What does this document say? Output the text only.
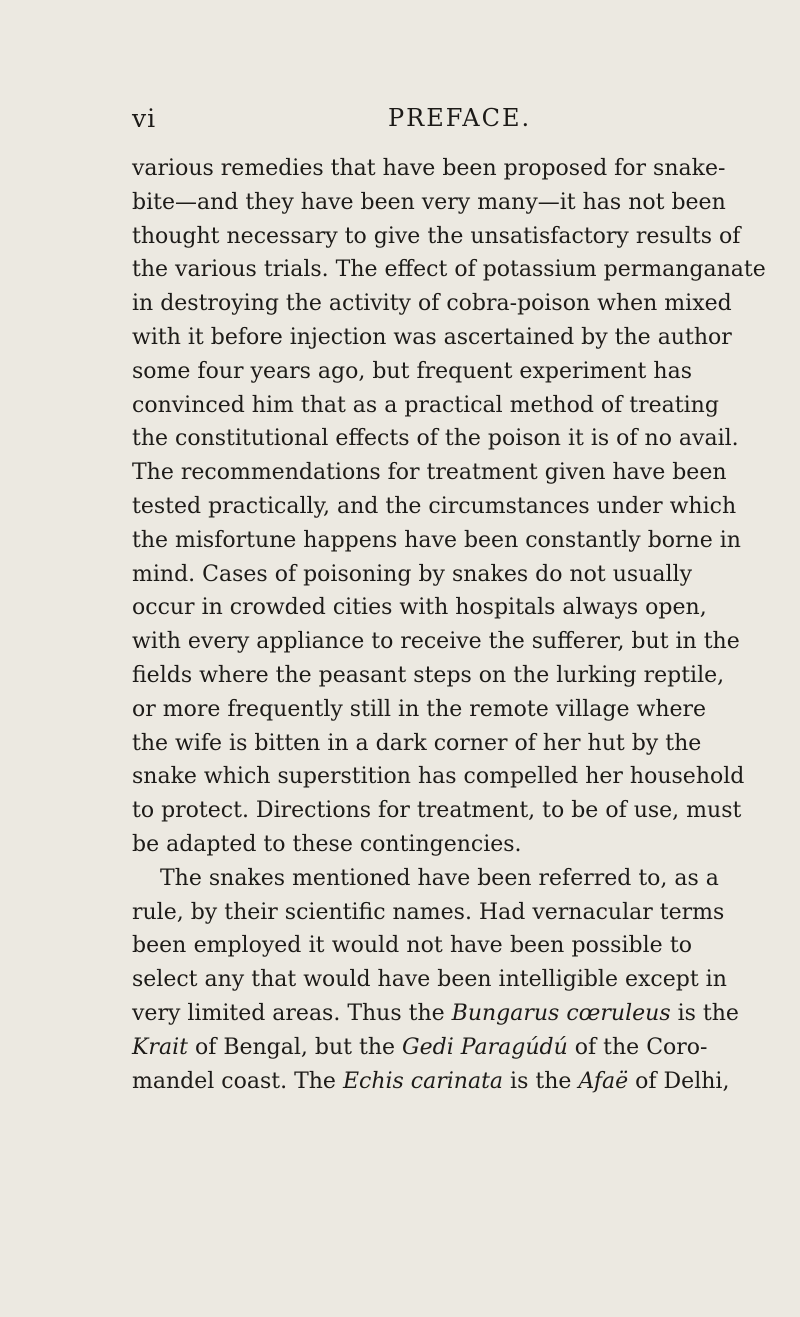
vi	PREFACE.
various remedies that have been proposed for snake-
bite—and they have been very many—it has not been
thought necessary to give the unsatisfactory results of
the various trials. The effect of potassium permanganate
in destroying the activity of cobra-poison when mixed
with it before injection was ascertained by the author
some four years ago, but frequent experiment has
convinced him that as a practical method of treating
the constitutional effects of the poison it is of no avail.
The recommendations for treatment given have been
tested practically, and the circumstances under which
the misfortune happens have been constantly borne in
mind. Cases of poisoning by snakes do not usually
occur in crowded cities with hospitals always open,
with every appliance to receive the sufferer, but in the
fields where the peasant steps on the lurking reptile,
or more frequently still in the remote village where
the wife is bitten in a dark corner of her hut by the
snake which superstition has compelled her household
to protect. Directions for treatment, to be of use, must
be adapted to these contingencies.
The snakes mentioned have been referred to, as a
rule, by their scientific names. Had vernacular terms
been employed it would not have been possible to
select any that would have been intelligible except in
very limited areas. Thus the Bungarus cœruleus is the
Krait of Bengal, but the Gedi Paragúdú of the Coro-
mandel coast. The Echis carinata is the Afaë of Delhi,
